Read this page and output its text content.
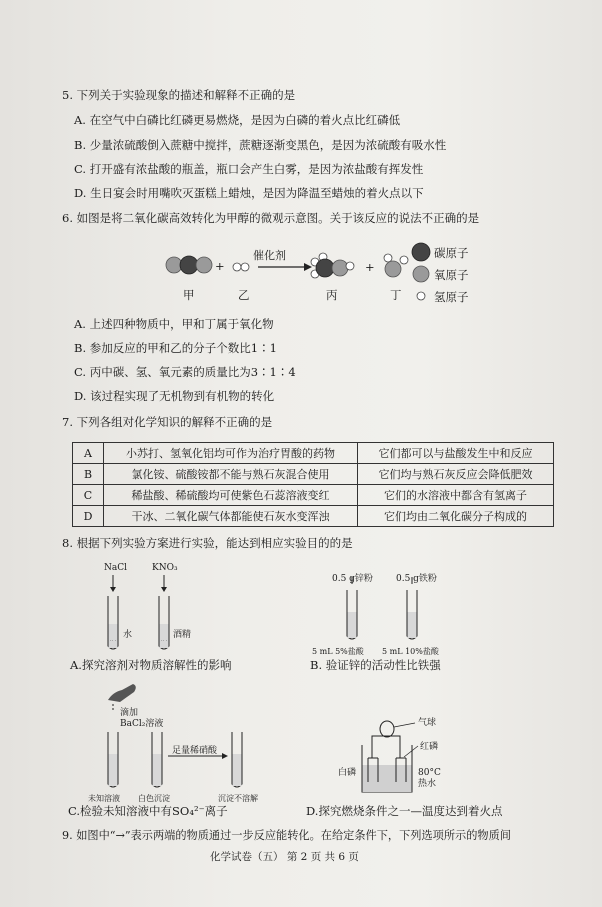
5. 下列关于实验现象的描述和解释不正确的是
A. 在空气中白磷比红磷更易燃烧，是因为白磷的着火点比红磷低
B. 少量浓硫酸倒入蔗糖中搅拌，蔗糖逐渐变黑色，是因为浓硫酸有吸水性
C. 打开盛有浓盐酸的瓶盖，瓶口会产生白雾，是因为浓盐酸有挥发性
D. 生日宴会时用嘴吹灭蛋糕上蜡烛，是因为降温至蜡烛的着火点以下
6. 如图是将二氧化碳高效转化为甲醇的微观示意图。关于该反应的说法不正确的是
·· ·	·· ·
催化剂
+	+
甲	乙	丙	丁
碳原子
氧原子
氢原子
A. 上述四种物质中，甲和丁属于氧化物
B. 参加反应的甲和乙的分子个数比1∶1
C. 丙中碳、氢、氧元素的质量比为3∶1∶4
D. 该过程实现了无机物到有机物的转化
7. 下列各组对化学知识的解释不正确的是
A	小苏打、氢氧化铝均可作为治疗胃酸的药物	它们都可以与盐酸发生中和反应
B	氯化铵、硫酸铵都不能与熟石灰混合使用	它们均与熟石灰反应会降低肥效
C	稀盐酸、稀硫酸均可使紫色石蕊溶液变红	它们的水溶液中都含有氢离子
D	干冰、二氧化碳气体都能使石灰水变浑浊	它们均由二氧化碳分子构成的
8. 根据下列实验方案进行实验，能达到相应实验目的的是
NaCl	KNO₃
水	酒精
A.探究溶剂对物质溶解性的影响
0.5 g锌粉	0.5 g铁粉
5 mL 5%盐酸 5 mL 10%盐酸
B. 验证锌的活动性比铁强
滴加
BaCl₂溶液
足量稀硝酸
未知溶液 白色沉淀	沉淀不溶解
C.检验未知溶液中有SO₄²⁻离子
气球
红磷
白磷	80°C
热水
D.探究燃烧条件之一—温度达到着火点
9. 如图中“→”表示两端的物质通过一步反应能转化。在给定条件下，下列选项所示的物质间
化学试卷（五） 第 2 页 共 6 页
